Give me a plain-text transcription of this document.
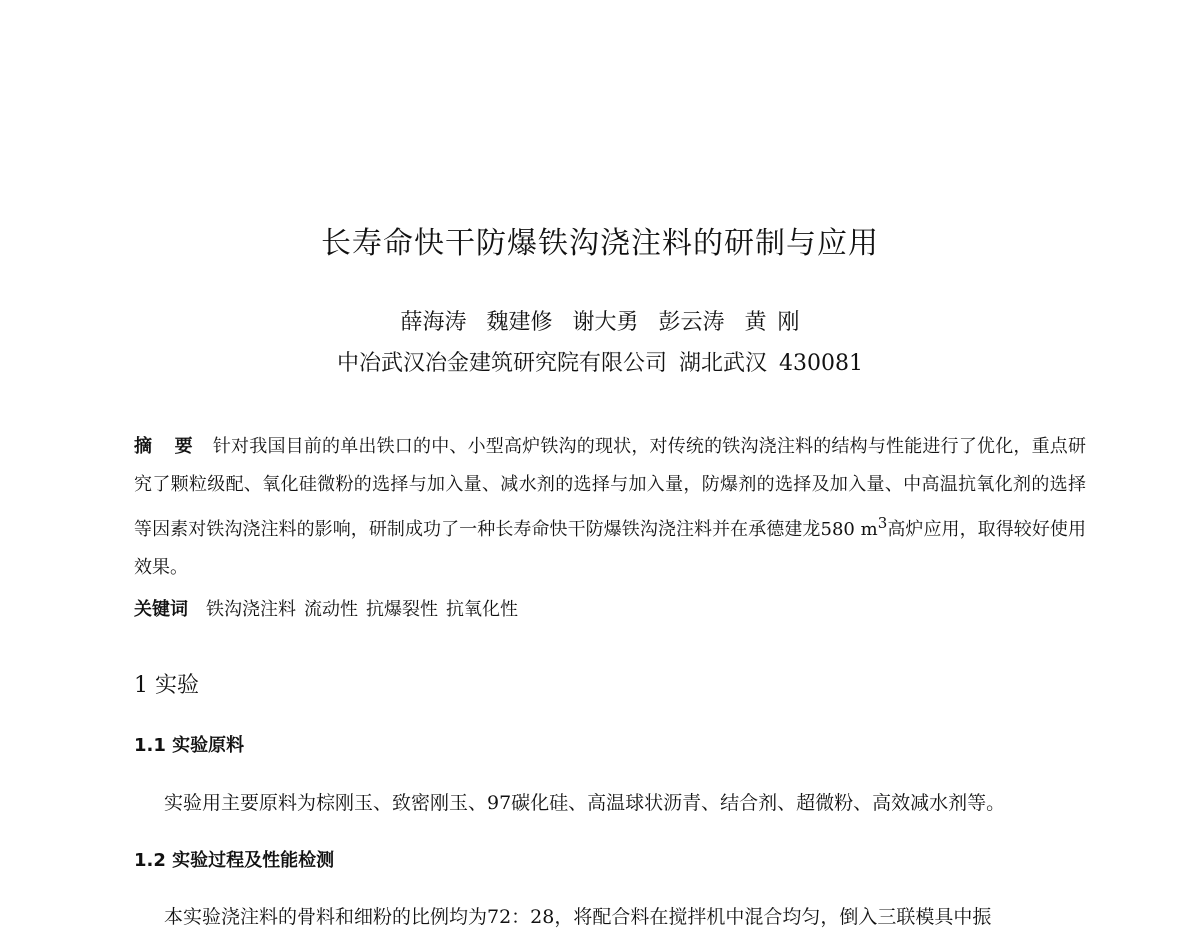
长寿命快干防爆铁沟浇注料的研制与应用
薛海涛 魏建修 谢大勇 彭云涛 黄 刚
中冶武汉冶金建筑研究院有限公司 湖北武汉 430081
摘 要 针对我国目前的单出铁口的中、小型高炉铁沟的现状，对传统的铁沟浇注料的结构与性能进行了优化，重点研究了颗粒级配、氧化硅微粉的选择与加入量、减水剂的选择与加入量，防爆剂的选择及加入量、中高温抗氧化剂的选择等因素对铁沟浇注料的影响，研制成功了一种长寿命快干防爆铁沟浇注料并在承德建龙580 $m^3$高炉应用，取得较好使用效果。
关键词 铁沟浇注料 流动性 抗爆裂性 抗氧化性
1 实验
1.1 实验原料

实验用主要原料为棕刚玉、致密刚玉、97碳化硅、高温球状沥青、结合剂、超微粉、高效减水剂等。

1.2 实验过程及性能检测

本实验浇注料的骨料和细粉的比例均为72：28，将配合料在搅拌机中混合均匀，倒入三联模具中振
